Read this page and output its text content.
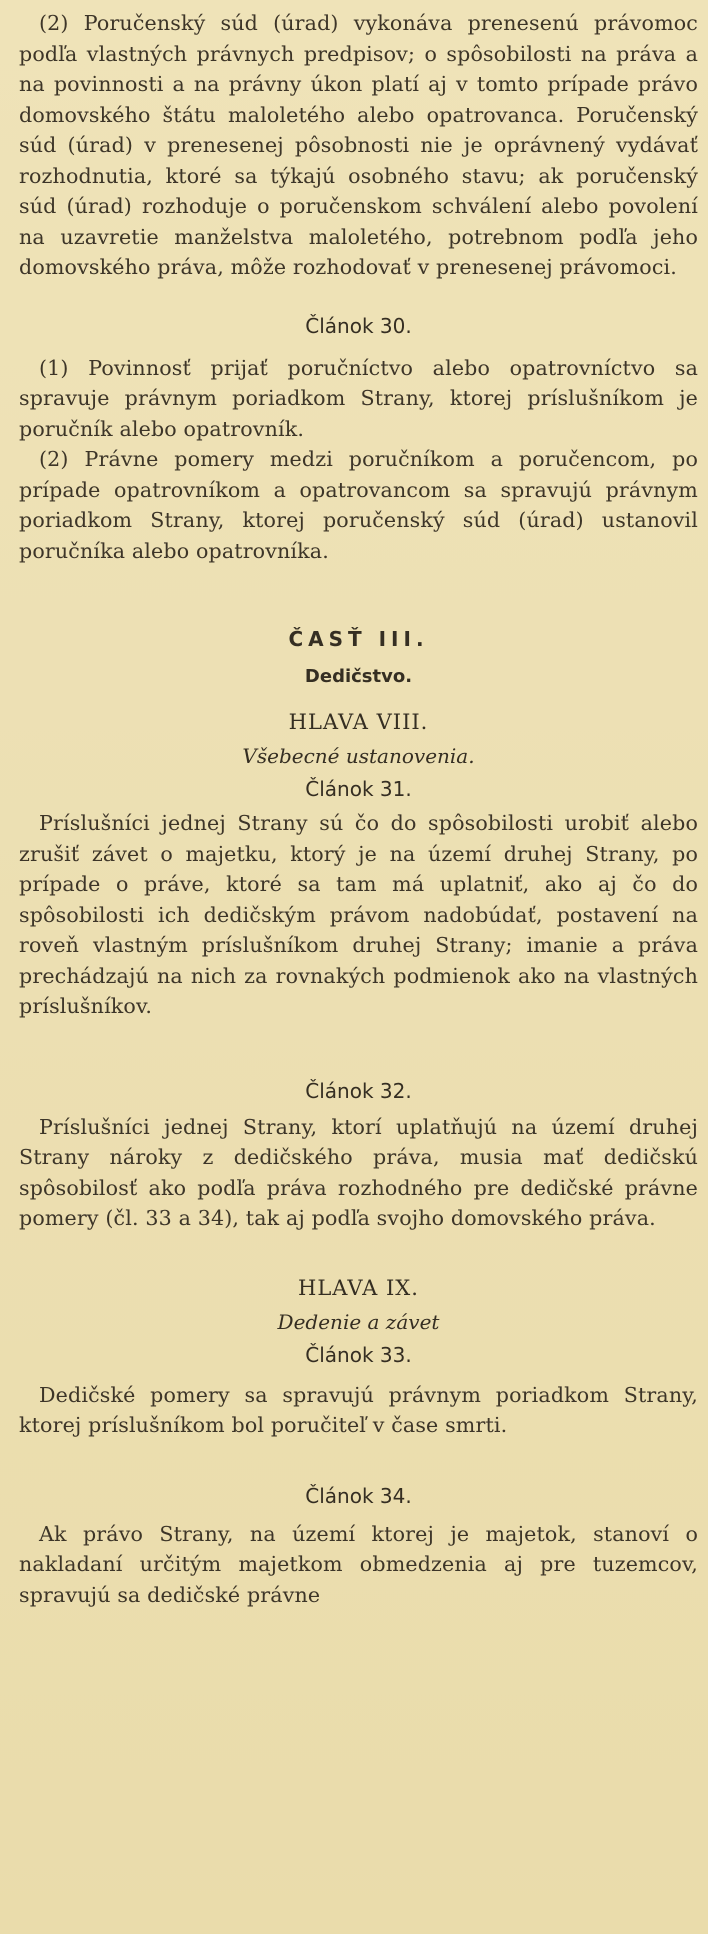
(2) Poručenský súd (úrad) vykonáva prenesenú právomoc podľa vlastných právnych predpisov; o spôsobilosti na práva a na povinnosti a na právny úkon platí aj v tomto prípade právo domovského štátu maloletého alebo opatrovanca. Poručenský súd (úrad) v prenesenej pôsobnosti nie je oprávnený vydávať rozhodnutia, ktoré sa týkajú osobného stavu; ak poručenský súd (úrad) rozhoduje o poručenskom schválení alebo povolení na uzavretie manželstva maloletého, potrebnom podľa jeho domovského práva, môže rozhodovať v prenesenej právomoci.

Článok 30.

(1) Povinnosť prijať poručníctvo alebo opatrovníctvo sa spravuje právnym poriadkom Strany, ktorej príslušníkom je poručník alebo opatrovník.

(2) Právne pomery medzi poručníkom a poručencom, po prípade opatrovníkom a opatrovancom sa spravujú právnym poriadkom Strany, ktorej poručenský súd (úrad) ustanovil poručníka alebo opatrovníka.

ČASŤ III.

Dedičstvo.

HLAVA VIII.

Všebecné ustanovenia.

Článok 31.

Príslušníci jednej Strany sú čo do spôsobilosti urobiť alebo zrušiť závet o majetku, ktorý je na území druhej Strany, po prípade o práve, ktoré sa tam má uplatniť, ako aj čo do spôsobilosti ich dedičským právom nadobúdať, postavení na roveň vlastným príslušníkom druhej Strany; imanie a práva prechádzajú na nich za rovnakých podmienok ako na vlastných príslušníkov.

Článok 32.

Príslušníci jednej Strany, ktorí uplatňujú na území druhej Strany nároky z dedičského práva, musia mať dedičskú spôsobilosť ako podľa práva rozhodného pre dedičské právne pomery (čl. 33 a 34), tak aj podľa svojho domovského práva.

HLAVA IX.

Dedenie a závet

Článok 33.

Dedičské pomery sa spravujú právnym poriadkom Strany, ktorej príslušníkom bol poručiteľ v čase smrti.

Článok 34.

Ak právo Strany, na území ktorej je majetok, stanoví o nakladaní určitým majetkom obmedzenia aj pre tuzemcov, spravujú sa dedičské právne
